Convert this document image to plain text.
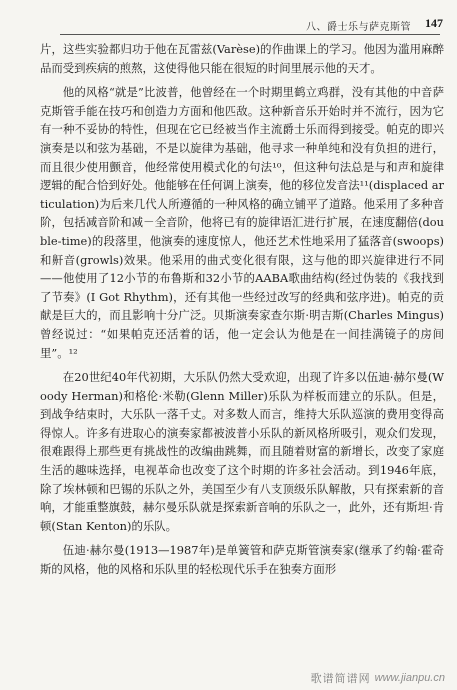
八、爵士乐与萨克斯管 147

片，这些实验都归功于他在瓦雷兹(Varèse)的作曲课上的学习。他因为滥用麻醉品而受到疾病的煎熬，这使得他只能在很短的时间里展示他的天才。

他的风格“就是”比波普，他曾经在一个时期里鹤立鸡群，没有其他的中音萨克斯管手能在技巧和创造力方面和他匹敌。这种新音乐开始时并不流行，因为它有一种不妥协的特性，但现在它已经被当作主流爵士乐而得到接受。帕克的即兴演奏是以和弦为基础，不是以旋律为基础，他寻求一种单纯和没有负担的进行，而且很少使用颤音，他经常使用模式化的句法¹⁰，但这种句法总是与和声和旋律逻辑的配合恰到好处。他能够在任何调上演奏，他的移位发音法¹¹(displaced articulation)为后来几代人所遵循的一种风格的确立铺平了道路。他采用了多种音阶，包括减音阶和减－全音阶，他将已有的旋律语汇进行扩展，在速度翻倍(double-time)的段落里，他演奏的速度惊人，他还艺术性地采用了猛落音(swoops)和鼾音(growls)效果。他采用的曲式变化很有限，这与他的即兴旋律进行不同——他使用了12小节的布鲁斯和32小节的AABA歌曲结构(经过伪装的《我找到了节奏》(I Got Rhythm)，还有其他一些经过改写的经典和弦序进)。帕克的贡献是巨大的，而且影响十分广泛。贝斯演奏家查尔斯·明吉斯(Charles Mingus)曾经说过：“如果帕克还活着的话，他一定会认为他是在一间挂满镜子的房间里”。¹²

在20世纪40年代初期，大乐队仍然大受欢迎，出现了许多以伍迪·赫尔曼(Woody Herman)和格伦·米勒(Glenn Miller)乐队为样板而建立的乐队。但是，到战争结束时，大乐队一落千丈。对多数人而言，维持大乐队巡演的费用变得高得惊人。许多有进取心的演奏家都被波普小乐队的新风格所吸引，观众们发现，很难跟得上那些更有挑战性的改编曲跳舞，而且随着财富的新增长，改变了家庭生活的趣味选择，电视革命也改变了这个时期的许多社会活动。到1946年底，除了埃林顿和巴锡的乐队之外，美国至少有八支顶级乐队解散，只有探索新的音响，才能重整旗鼓，赫尔曼乐队就是探索新音响的乐队之一，此外，还有斯坦·肯顿(Stan Kenton)的乐队。

伍迪·赫尔曼(1913—1987年)是单簧管和萨克斯管演奏家(继承了约翰·霍奇斯的风格，他的风格和乐队里的轻松现代乐手在独奏方面形

歌谱简谱网 www.jianpu.cn
